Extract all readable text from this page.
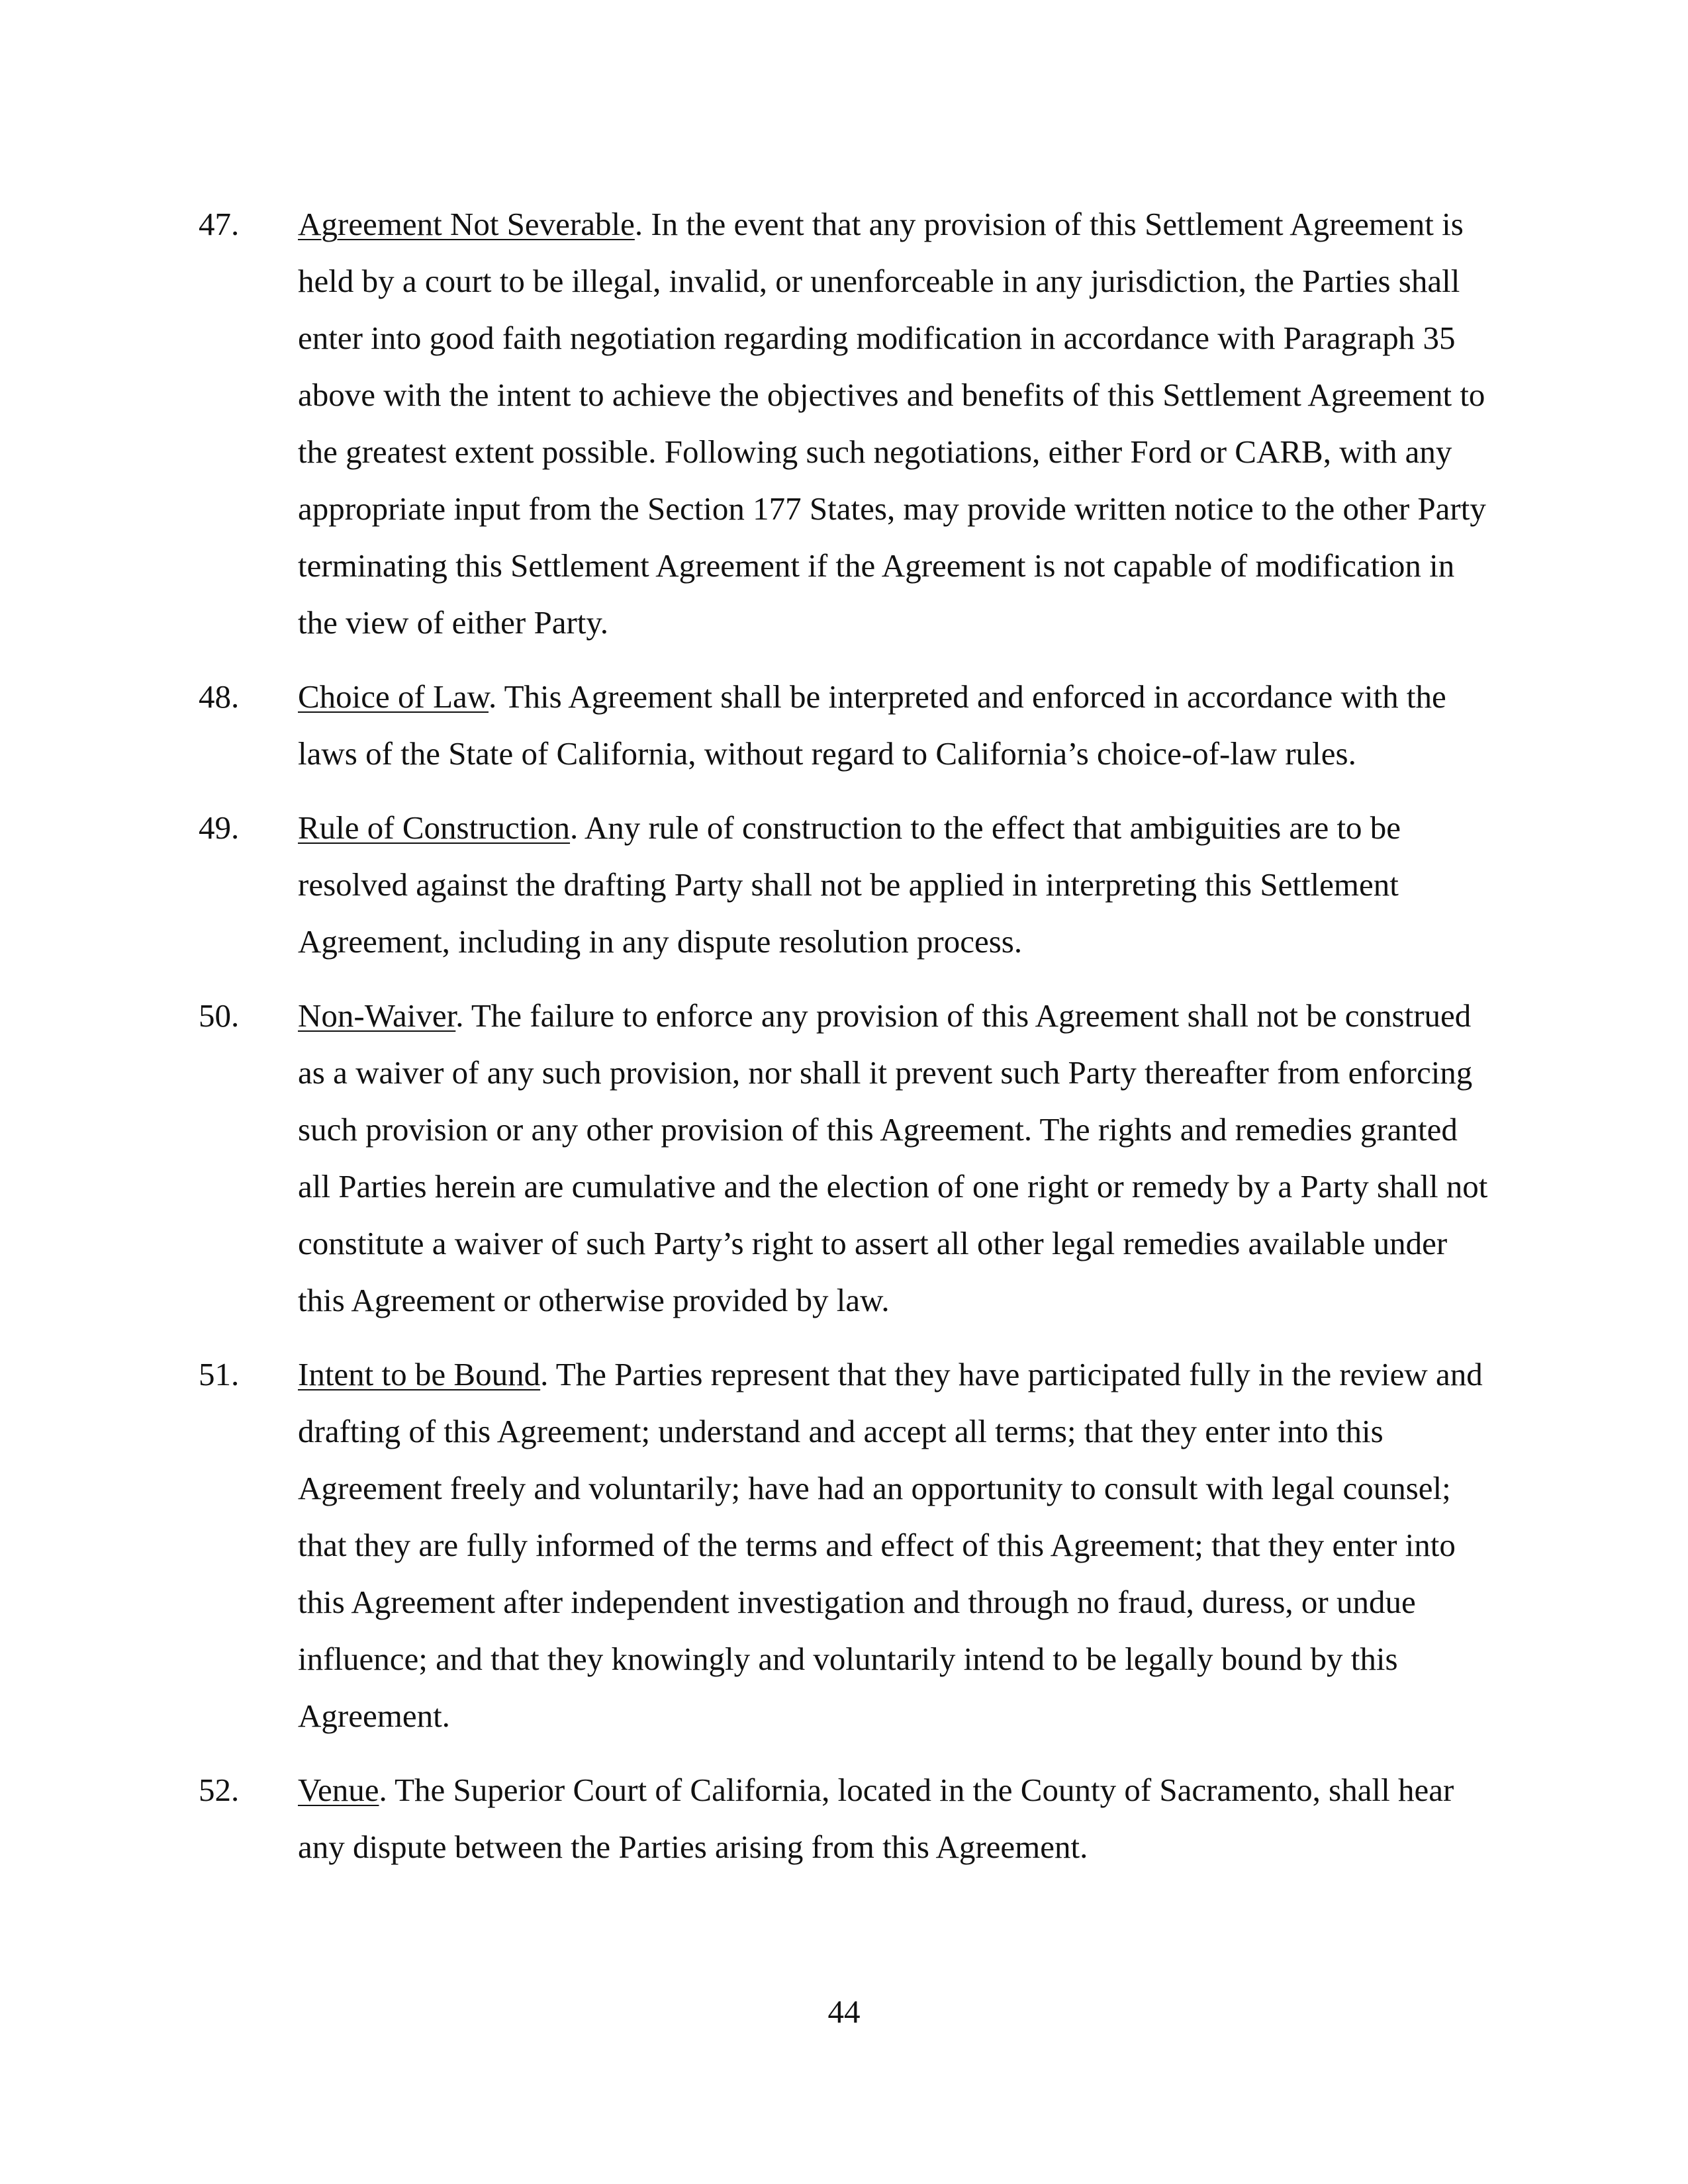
47.	Agreement Not Severable. In the event that any provision of this Settlement Agreement is held by a court to be illegal, invalid, or unenforceable in any jurisdiction, the Parties shall enter into good faith negotiation regarding modification in accordance with Paragraph 35 above with the intent to achieve the objectives and benefits of this Settlement Agreement to the greatest extent possible. Following such negotiations, either Ford or CARB, with any appropriate input from the Section 177 States, may provide written notice to the other Party terminating this Settlement Agreement if the Agreement is not capable of modification in the view of either Party.
48.	Choice of Law. This Agreement shall be interpreted and enforced in accordance with the laws of the State of California, without regard to California’s choice-of-law rules.
49.	Rule of Construction. Any rule of construction to the effect that ambiguities are to be resolved against the drafting Party shall not be applied in interpreting this Settlement Agreement, including in any dispute resolution process.
50.	Non-Waiver. The failure to enforce any provision of this Agreement shall not be construed as a waiver of any such provision, nor shall it prevent such Party thereafter from enforcing such provision or any other provision of this Agreement. The rights and remedies granted all Parties herein are cumulative and the election of one right or remedy by a Party shall not constitute a waiver of such Party’s right to assert all other legal remedies available under this Agreement or otherwise provided by law.
51.	Intent to be Bound. The Parties represent that they have participated fully in the review and drafting of this Agreement; understand and accept all terms; that they enter into this Agreement freely and voluntarily; have had an opportunity to consult with legal counsel; that they are fully informed of the terms and effect of this Agreement; that they enter into this Agreement after independent investigation and through no fraud, duress, or undue influence; and that they knowingly and voluntarily intend to be legally bound by this Agreement.
52.	Venue. The Superior Court of California, located in the County of Sacramento, shall hear any dispute between the Parties arising from this Agreement.
44
